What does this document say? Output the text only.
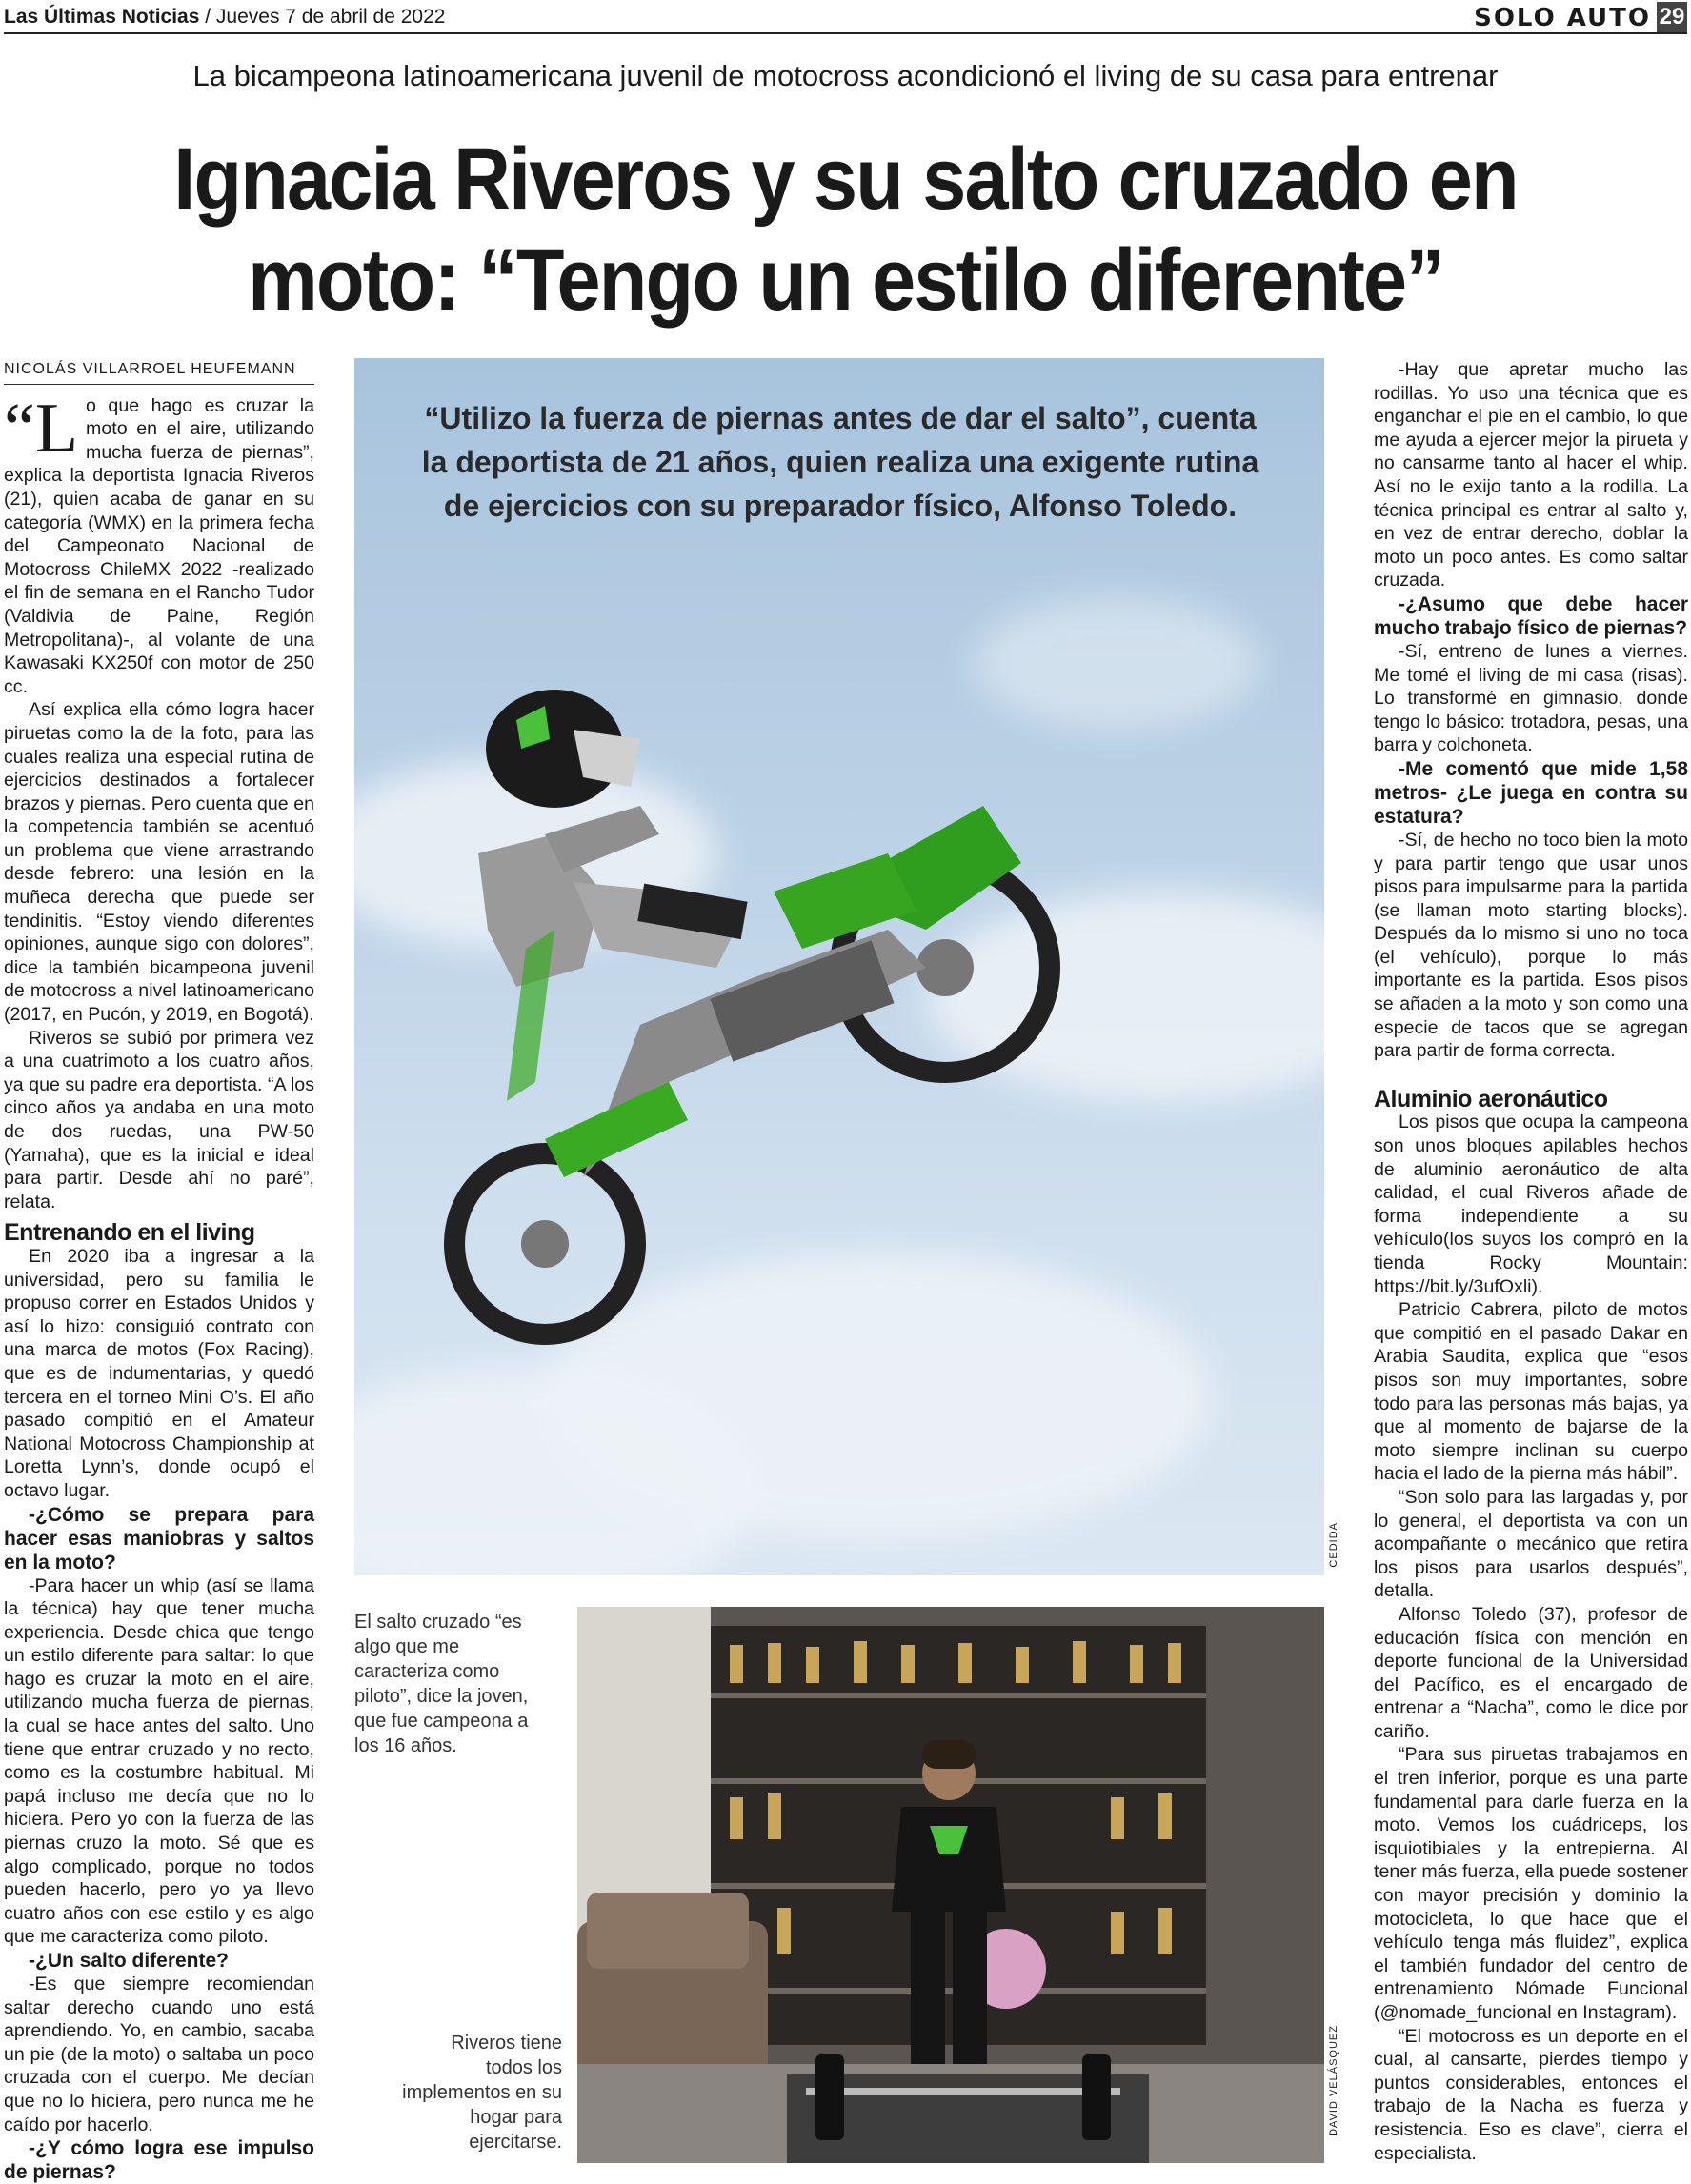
Las Últimas Noticias / Jueves 7 de abril de 2022	SOLO AUTO 29
La bicampeona latinoamericana juvenil de motocross acondicionó el living de su casa para entrenar
Ignacia Riveros y su salto cruzado en moto: “Tengo un estilo diferente”
NICOLÁS VILLARROEL HEUFEMANN

“Lo que hago es cruzar la moto en el aire, utilizando mucha fuerza de piernas”, explica la deportista Ignacia Riveros (21), quien acaba de ganar en su categoría (WMX) en la primera fecha del Campeonato Nacional de Motocross ChileMX 2022 -realizado el fin de semana en el Rancho Tudor (Valdivia de Paine, Región Metropolitana)-, al volante de una Kawasaki KX250f con motor de 250 cc.

Así explica ella cómo logra hacer piruetas como la de la foto, para las cuales realiza una especial rutina de ejercicios destinados a fortalecer brazos y piernas. Pero cuenta que en la competencia también se acentuó un problema que viene arrastrando desde febrero: una lesión en la muñeca derecha que puede ser tendinitis. “Estoy viendo diferentes opiniones, aunque sigo con dolores”, dice la también bicampeona juvenil de motocross a nivel latinoamericano (2017, en Pucón, y 2019, en Bogotá).

Riveros se subió por primera vez a una cuatrimoto a los cuatro años, ya que su padre era deportista. “A los cinco años ya andaba en una moto de dos ruedas, una PW-50 (Yamaha), que es la inicial e ideal para partir. Desde ahí no paré”, relata.

Entrenando en el living

En 2020 iba a ingresar a la universidad, pero su familia le propuso correr en Estados Unidos y así lo hizo: consiguió contrato con una marca de motos (Fox Racing), que es de indumentarias, y quedó tercera en el torneo Mini O’s. El año pasado compitió en el Amateur National Motocross Championship at Loretta Lynn’s, donde ocupó el octavo lugar.

-¿Cómo se prepara para hacer esas maniobras y saltos en la moto?

-Para hacer un whip (así se llama la técnica) hay que tener mucha experiencia. Desde chica que tengo un estilo diferente para saltar: lo que hago es cruzar la moto en el aire, utilizando mucha fuerza de piernas, la cual se hace antes del salto. Uno tiene que entrar cruzado y no recto, como es la costumbre habitual. Mi papá incluso me decía que no lo hiciera. Pero yo con la fuerza de las piernas cruzo la moto. Sé que es algo complicado, porque no todos pueden hacerlo, pero yo ya llevo cuatro años con ese estilo y es algo que me caracteriza como piloto.

-¿Un salto diferente?

-Es que siempre recomiendan saltar derecho cuando uno está aprendiendo. Yo, en cambio, sacaba un pie (de la moto) o saltaba un poco cruzada con el cuerpo. Me decían que no lo hiciera, pero nunca me he caído por hacerlo.

-¿Y cómo logra ese impulso de piernas?

“Utilizo la fuerza de piernas antes de dar el salto”, cuenta la deportista de 21 años, quien realiza una exigente rutina de ejercicios con su preparador físico, Alfonso Toledo.
CEDIDA
El salto cruzado “es algo que me caracteriza como piloto”, dice la joven, que fue campeona a los 16 años.
Riveros tiene todos los implementos en su hogar para ejercitarse.
DAVID VELÁSQUEZ

-Hay que apretar mucho las rodillas. Yo uso una técnica que es enganchar el pie en el cambio, lo que me ayuda a ejercer mejor la pirueta y no cansarme tanto al hacer el whip. Así no le exijo tanto a la rodilla. La técnica principal es entrar al salto y, en vez de entrar derecho, doblar la moto un poco antes. Es como saltar cruzada.

-¿Asumo que debe hacer mucho trabajo físico de piernas?

-Sí, entreno de lunes a viernes. Me tomé el living de mi casa (risas). Lo transformé en gimnasio, donde tengo lo básico: trotadora, pesas, una barra y colchoneta.

-Me comentó que mide 1,58 metros- ¿Le juega en contra su estatura?

-Sí, de hecho no toco bien la moto y para partir tengo que usar unos pisos para impulsarme para la partida (se llaman moto starting blocks). Después da lo mismo si uno no toca (el vehículo), porque lo más importante es la partida. Esos pisos se añaden a la moto y son como una especie de tacos que se agregan para partir de forma correcta.

Aluminio aeronáutico

Los pisos que ocupa la campeona son unos bloques apilables hechos de aluminio aeronáutico de alta calidad, el cual Riveros añade de forma independiente a su vehículo(los suyos los compró en la tienda Rocky Mountain: https://bit.ly/3ufOxli).

Patricio Cabrera, piloto de motos que compitió en el pasado Dakar en Arabia Saudita, explica que “esos pisos son muy importantes, sobre todo para las personas más bajas, ya que al momento de bajarse de la moto siempre inclinan su cuerpo hacia el lado de la pierna más hábil”.

“Son solo para las largadas y, por lo general, el deportista va con un acompañante o mecánico que retira los pisos para usarlos después”, detalla.

Alfonso Toledo (37), profesor de educación física con mención en deporte funcional de la Universidad del Pacífico, es el encargado de entrenar a “Nacha”, como le dice por cariño.

“Para sus piruetas trabajamos en el tren inferior, porque es una parte fundamental para darle fuerza en la moto. Vemos los cuádriceps, los isquiotibiales y la entrepierna. Al tener más fuerza, ella puede sostener con mayor precisión y dominio la motocicleta, lo que hace que el vehículo tenga más fluidez”, explica el también fundador del centro de entrenamiento Nómade Funcional (@nomade_funcional en Instagram).

“El motocross es un deporte en el cual, al cansarte, pierdes tiempo y puntos considerables, entonces el trabajo de la Nacha es fuerza y resistencia. Eso es clave”, cierra el especialista.
